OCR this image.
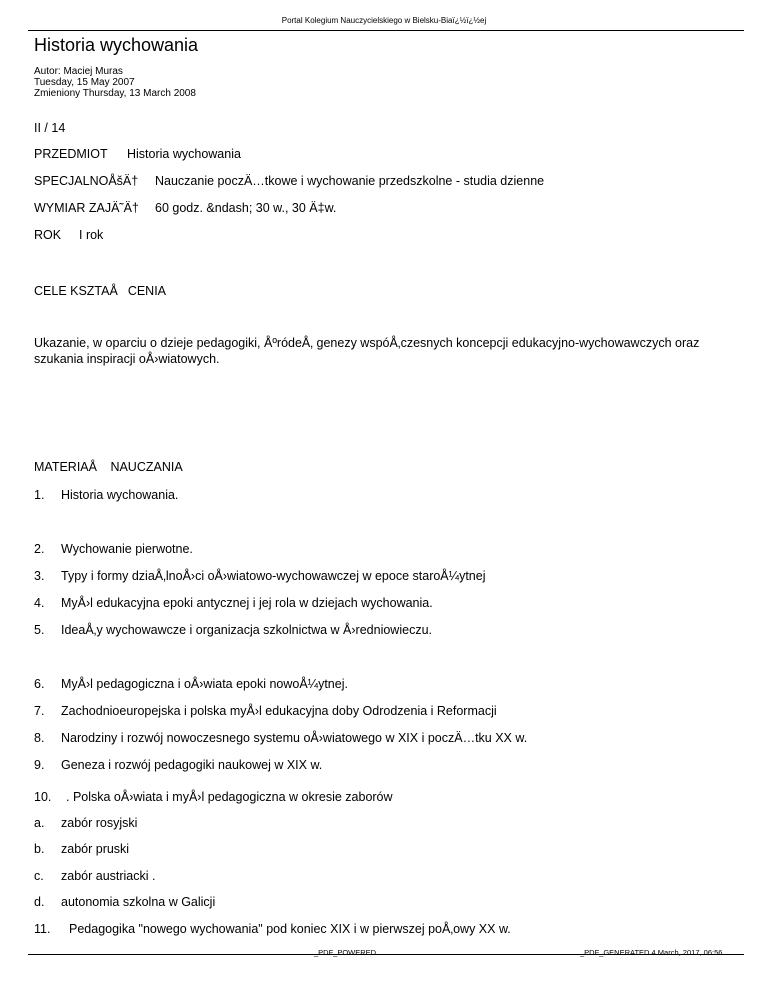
Portal Kolegium Nauczycielskiego w Bielsku-Biaï¿½ï¿½ej
Historia wychowania
Autor: Maciej Muras
Tuesday, 15 May 2007
Zmieniony Thursday, 13 March 2008
II / 14
PRZEDMIOT Historia wychowania
SPECJALNOÅšÄ† Nauczanie poczÄ…tkowe i wychowanie przedszkolne - studia dzienne
WYMIAR ZAJÄ˜Ä† 60 godz. &ndash; 30 w., 30 Ä‡w.
ROK I rok
CELE KSZTAÅCENIA
Ukazanie, w oparciu o dzieje pedagogiki, ÅºródeÅ‚ genezy wspóÅ‚czesnych koncepcji edukacyjno-wychowawczych oraz szukania inspiracji oÅ›wiatowych.
MATERIAÅ NAUCZANIA
1. Historia wychowania.
2. Wychowanie pierwotne.
3. Typy i formy dziaÅ‚lnoÅ›ci oÅ›wiatowo-wychowawczej w epoce staroÅ¼ytnej
4. MyÅ›l edukacyjna epoki antycznej i jej rola w dziejach wychowania.
5. IdeaÅ‚y wychowawcze i organizacja szkolnictwa w Å›redniowieczu.
6. MyÅ›l pedagogiczna i oÅ›wiata epoki nowoÅ¼ytnej.
7. Zachodnioeuropejska i polska myÅ›l edukacyjna doby Odrodzenia i Reformacji
8. Narodziny i rozwój nowoczesnego systemu oÅ›wiatowego w XIX i poczÄ…tku XX w.
9. Geneza i rozwój pedagogiki naukowej w XIX w.
10. . Polska oÅ›wiata i myÅ›l pedagogiczna w okresie zaborów
a. zabór rosyjski
b. zabór pruski
c. zabór austriacki .
d. autonomia szkolna w Galicji
11. Pedagogika "nowego wychowania" pod koniec XIX i w pierwszej poÅ‚owy XX w.
_PDF_POWERED	_PDF_GENERATED 4 March, 2017, 06:56
